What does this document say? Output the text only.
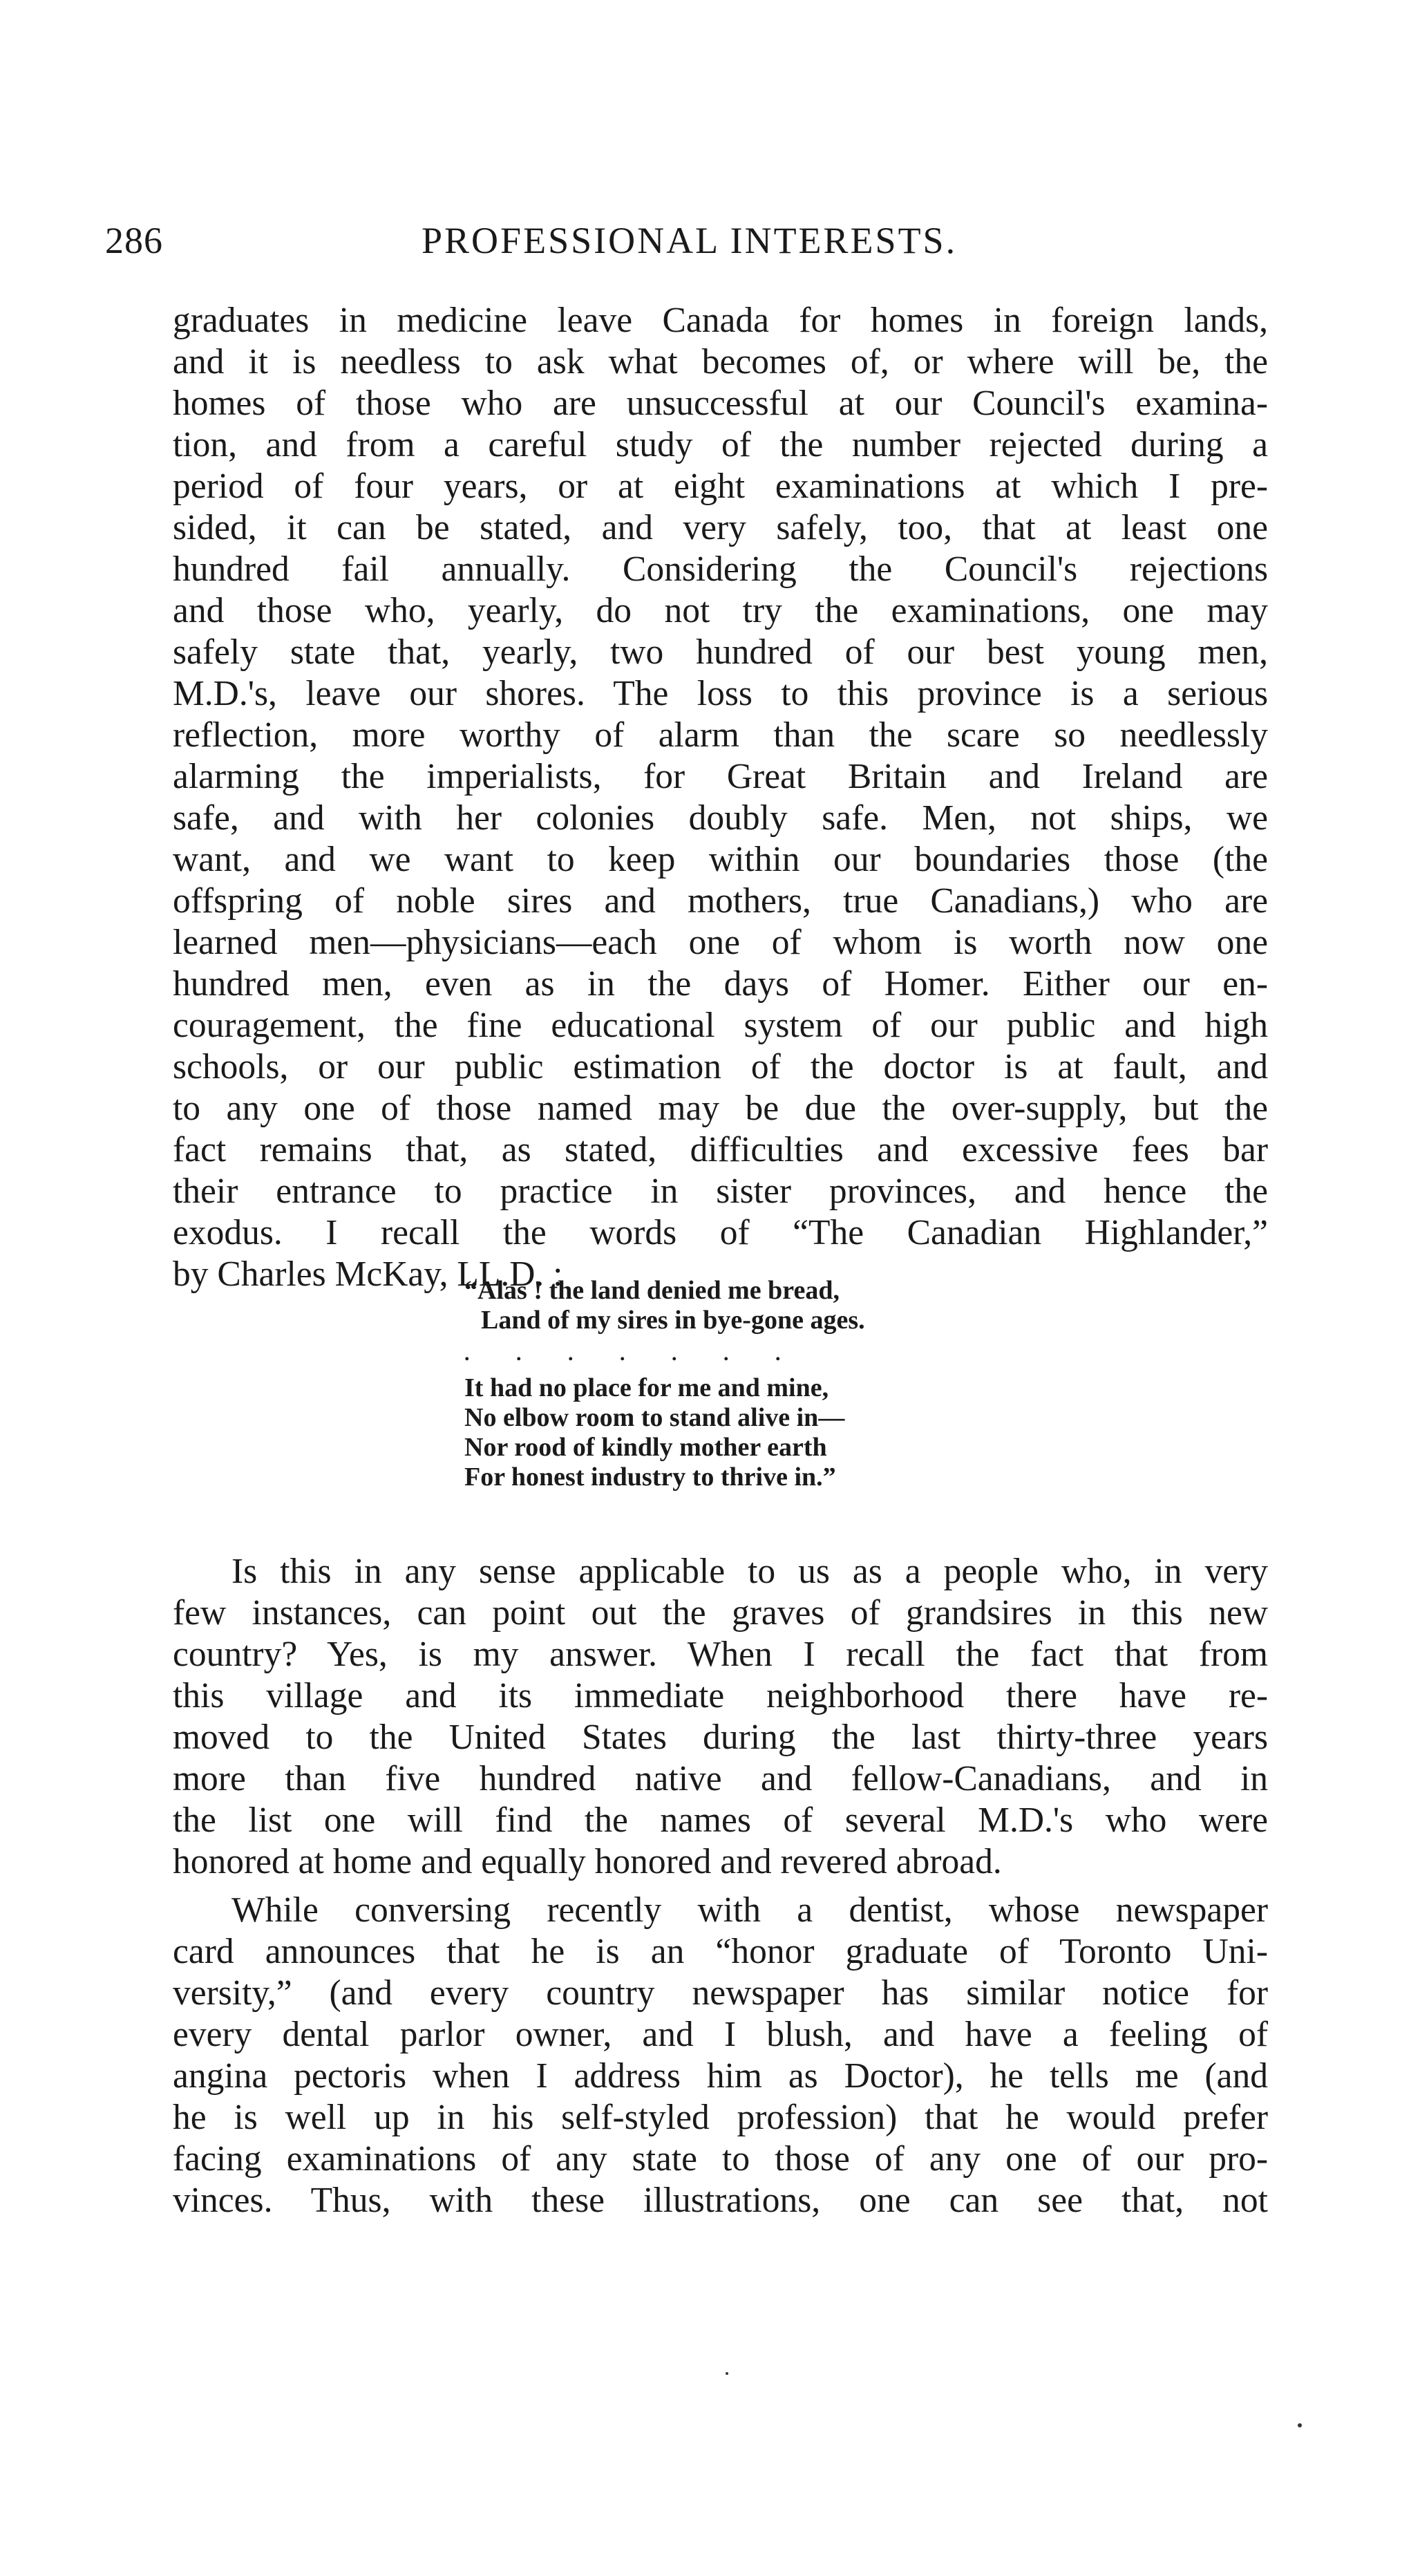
286	PROFESSIONAL INTERESTS.
graduates in medicine leave Canada for homes in foreign lands,
and it is needless to ask what becomes of, or where will be, the
homes of those who are unsuccessful at our Council's examina-
tion, and from a careful study of the number rejected during a
period of four years, or at eight examinations at which I pre-
sided, it can be stated, and very safely, too, that at least one
hundred fail annually. Considering the Council's rejections
and those who, yearly, do not try the examinations, one may
safely state that, yearly, two hundred of our best young men,
M.D.'s, leave our shores. The loss to this province is a serious
reflection, more worthy of alarm than the scare so needlessly
alarming the imperialists, for Great Britain and Ireland are
safe, and with her colonies doubly safe. Men, not ships, we
want, and we want to keep within our boundaries those (the
offspring of noble sires and mothers, true Canadians,) who are
learned men—physicians—each one of whom is worth now one
hundred men, even as in the days of Homer. Either our en-
couragement, the fine educational system of our public and high
schools, or our public estimation of the doctor is at fault, and
to any one of those named may be due the over-supply, but the
fact remains that, as stated, difficulties and excessive fees bar
their entrance to practice in sister provinces, and hence the
exodus. I recall the words of “The Canadian Highlander,”
by Charles McKay, LL.D. :
“Alas ! the land denied me bread,
Land of my sires in bye-gone ages.
. . . . . . .
It had no place for me and mine,
No elbow room to stand alive in—
Nor rood of kindly mother earth
For honest industry to thrive in.”
Is this in any sense applicable to us as a people who, in very
few instances, can point out the graves of grandsires in this new
country? Yes, is my answer. When I recall the fact that from
this village and its immediate neighborhood there have re-
moved to the United States during the last thirty-three years
more than five hundred native and fellow-Canadians, and in
the list one will find the names of several M.D.'s who were
honored at home and equally honored and revered abroad.
While conversing recently with a dentist, whose newspaper
card announces that he is an “honor graduate of Toronto Uni-
versity,” (and every country newspaper has similar notice for
every dental parlor owner, and I blush, and have a feeling of
angina pectoris when I address him as Doctor), he tells me (and
he is well up in his self-styled profession) that he would prefer
facing examinations of any state to those of any one of our pro-
vinces. Thus, with these illustrations, one can see that, not
